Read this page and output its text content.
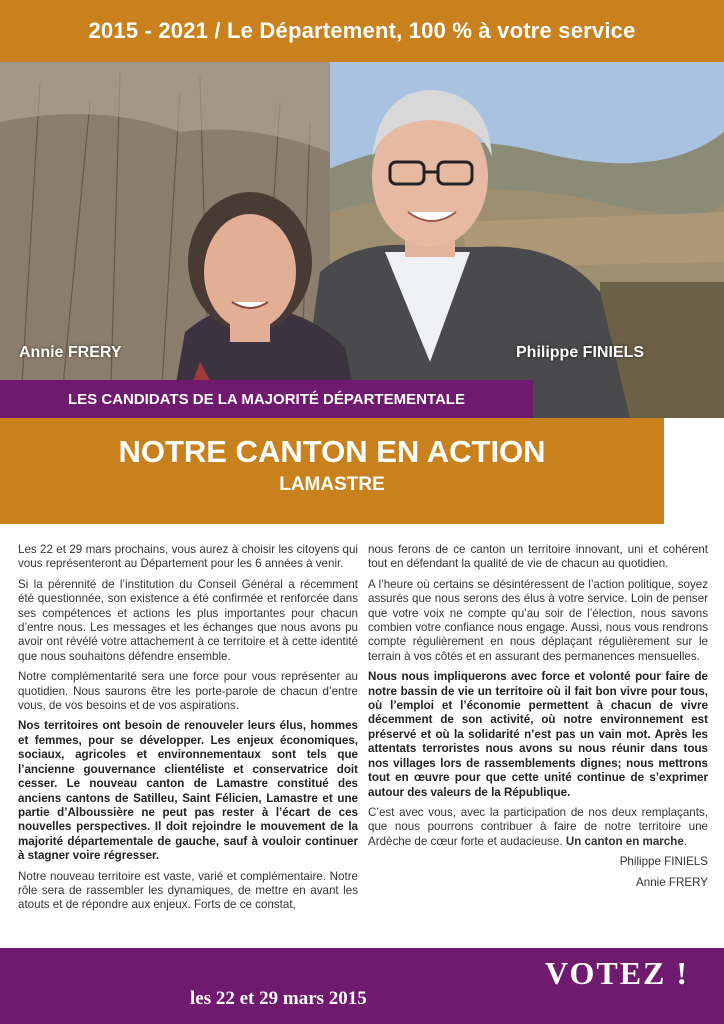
2015 - 2021 / Le Département, 100 % à votre service
Annie FRERY	Philippe FINIELS
LES CANDIDATS DE LA MAJORITÉ DÉPARTEMENTALE
NOTRE CANTON EN ACTION
LAMASTRE

Les 22 et 29 mars prochains, vous aurez à choisir les citoyens qui vous représenteront au Département pour les 6 années à venir.

Si la pérennité de l’institution du Conseil Général a récemment été questionnée, son existence a été confirmée et renforcée dans ses compétences et actions les plus importantes pour chacun d’entre nous. Les messages et les échanges que nous avons pu avoir ont révélé votre attachement à ce territoire et à cette identité que nous souhaitons défendre ensemble.

Notre complémentarité sera une force pour vous représenter au quotidien. Nous saurons être les porte-parole de chacun d’entre vous, de vos besoins et de vos aspirations.

Nos territoires ont besoin de renouveler leurs élus, hommes et femmes, pour se développer. Les enjeux économiques, sociaux, agricoles et environnementaux sont tels que l’ancienne gouvernance clientéliste et conservatrice doit cesser. Le nouveau canton de Lamastre constitué des anciens cantons de Satilleu, Saint Félicien, Lamastre et une partie d’Alboussière ne peut pas rester à l’écart de ces nouvelles perspectives. Il doit rejoindre le mouvement de la majorité départementale de gauche, sauf à vouloir continuer à stagner voire régresser.

Notre nouveau territoire est vaste, varié et complémentaire. Notre rôle sera de rassembler les dynamiques, de mettre en avant les atouts et de répondre aux enjeux. Forts de ce constat,

nous ferons de ce canton un territoire innovant, uni et cohérent tout en défendant la qualité de vie de chacun au quotidien.

A l’heure où certains se désintéressent de l’action politique, soyez assurés que nous serons des élus à votre service. Loin de penser que votre voix ne compte qu’au soir de l’élection, nous savons combien votre confiance nous engage. Aussi, nous vous rendrons compte régulièrement en nous déplaçant régulièrement sur le terrain à vos côtés et en assurant des permanences mensuelles.

Nous nous impliquerons avec force et volonté pour faire de notre bassin de vie un territoire où il fait bon vivre pour tous, où l’emploi et l’économie permettent à chacun de vivre décemment de son activité, où notre environnement est préservé et où la solidarité n’est pas un vain mot. Après les attentats terroristes nous avons su nous réunir dans tous nos villages lors de rassemblements dignes; nous mettrons tout en œuvre pour que cette unité continue de s’exprimer autour des valeurs de la République.

C’est avec vous, avec la participation de nos deux remplaçants, que nous pourrons contribuer à faire de notre territoire une Ardèche de cœur forte et audacieuse. Un canton en marche.

Philippe FINIELS

Annie FRERY

les 22 et 29 mars 2015
VOTEZ !
